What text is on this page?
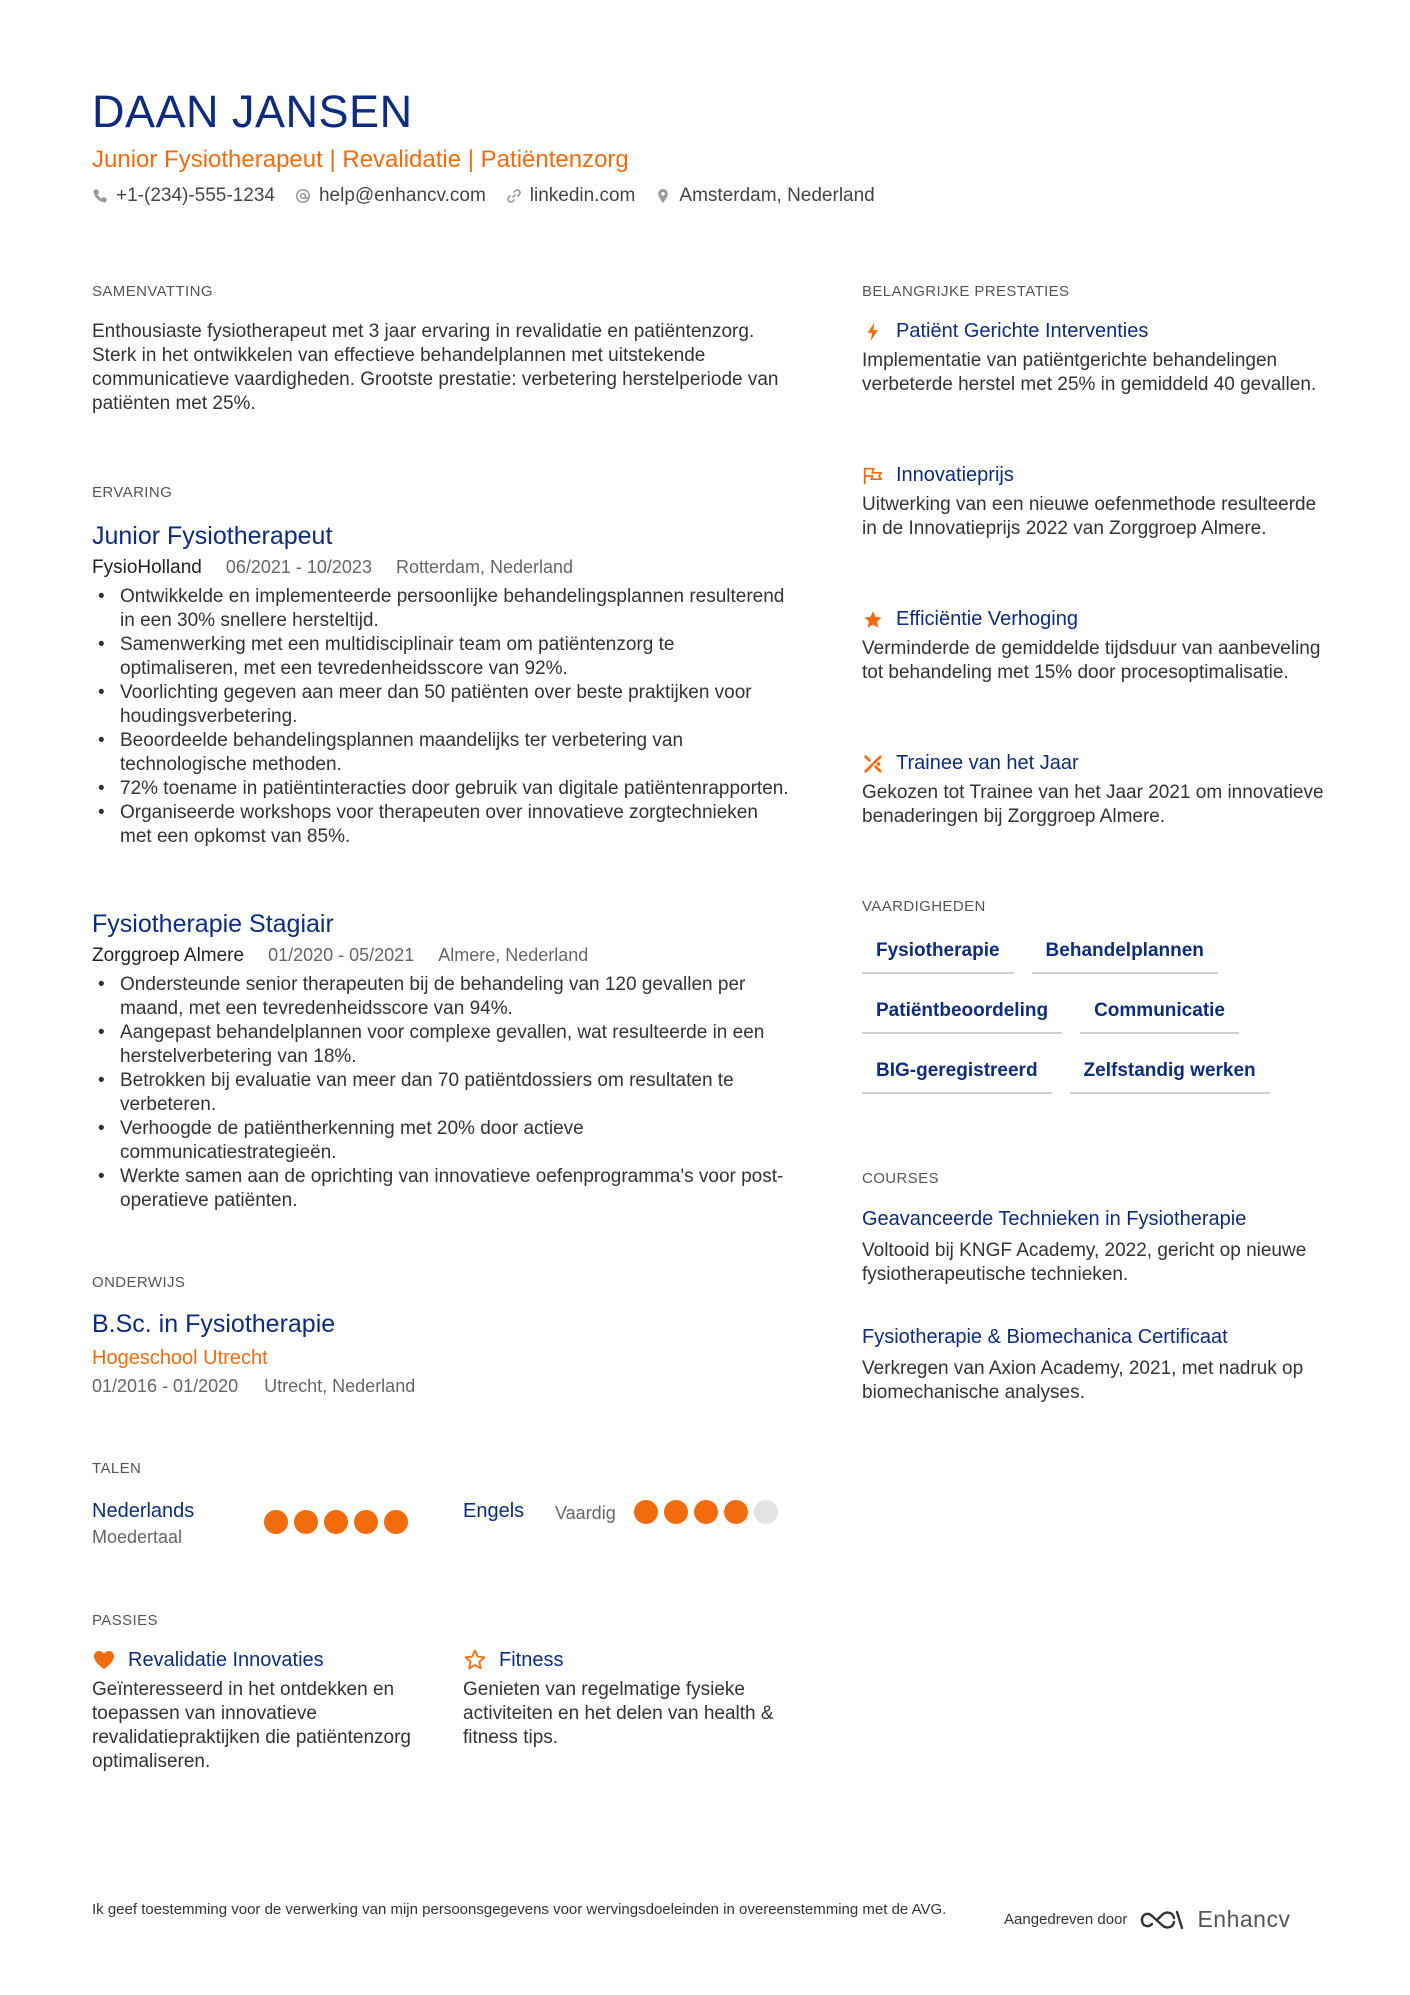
DAAN JANSEN
Junior Fysiotherapeut | Revalidatie | Patiëntenzorg
+1-(234)-555-1234 help@enhancv.com linkedin.com Amsterdam, Nederland
SAMENVATTING
Enthousiaste fysiotherapeut met 3 jaar ervaring in revalidatie en patiëntenzorg. Sterk in het ontwikkelen van effectieve behandelplannen met uitstekende communicatieve vaardigheden. Grootste prestatie: verbetering herstelperiode van patiënten met 25%.
ERVARING
Junior Fysiotherapeut
FysioHolland 06/2021 - 10/2023 Rotterdam, Nederland
• Ontwikkelde en implementeerde persoonlijke behandelingsplannen resulterend in een 30% snellere hersteltijd.
• Samenwerking met een multidisciplinair team om patiëntenzorg te optimaliseren, met een tevredenheidsscore van 92%.
• Voorlichting gegeven aan meer dan 50 patiënten over beste praktijken voor houdingsverbetering.
• Beoordeelde behandelingsplannen maandelijks ter verbetering van technologische methoden.
• 72% toename in patiëntinteracties door gebruik van digitale patiëntenrapporten.
• Organiseerde workshops voor therapeuten over innovatieve zorgtechnieken met een opkomst van 85%.
Fysiotherapie Stagiair
Zorggroep Almere 01/2020 - 05/2021 Almere, Nederland
• Ondersteunde senior therapeuten bij de behandeling van 120 gevallen per maand, met een tevredenheidsscore van 94%.
• Aangepast behandelplannen voor complexe gevallen, wat resulteerde in een herstelverbetering van 18%.
• Betrokken bij evaluatie van meer dan 70 patiëntdossiers om resultaten te verbeteren.
• Verhoogde de patiëntherkenning met 20% door actieve communicatiestrategieën.
• Werkte samen aan de oprichting van innovatieve oefenprogramma's voor post-operatieve patiënten.
ONDERWIJS
B.Sc. in Fysiotherapie
Hogeschool Utrecht
01/2016 - 01/2020 Utrecht, Nederland
TALEN
Nederlands
Moedertaal
Engels Vaardig
PASSIES
Revalidatie Innovaties
Geïnteresseerd in het ontdekken en toepassen van innovatieve revalidatiepraktijken die patiëntenzorg optimaliseren.
Fitness
Genieten van regelmatige fysieke activiteiten en het delen van health & fitness tips.
BELANGRIJKE PRESTATIES
Patiënt Gerichte Interventies
Implementatie van patiëntgerichte behandelingen verbeterde herstel met 25% in gemiddeld 40 gevallen.
Innovatieprijs
Uitwerking van een nieuwe oefenmethode resulteerde in de Innovatieprijs 2022 van Zorggroep Almere.
Efficiëntie Verhoging
Verminderde de gemiddelde tijdsduur van aanbeveling tot behandeling met 15% door procesoptimalisatie.
Trainee van het Jaar
Gekozen tot Trainee van het Jaar 2021 om innovatieve benaderingen bij Zorggroep Almere.
VAARDIGHEDEN
Fysiotherapie	Behandelplannen
Patiëntbeoordeling	Communicatie
BIG-geregistreerd	Zelfstandig werken
COURSES
Geavanceerde Technieken in Fysiotherapie
Voltooid bij KNGF Academy, 2022, gericht op nieuwe fysiotherapeutische technieken.
Fysiotherapie & Biomechanica Certificaat
Verkregen van Axion Academy, 2021, met nadruk op biomechanische analyses.
Ik geef toestemming voor de verwerking van mijn persoonsgegevens voor wervingsdoeleinden in overeenstemming met de AVG.
Aangedreven door	Enhancv
